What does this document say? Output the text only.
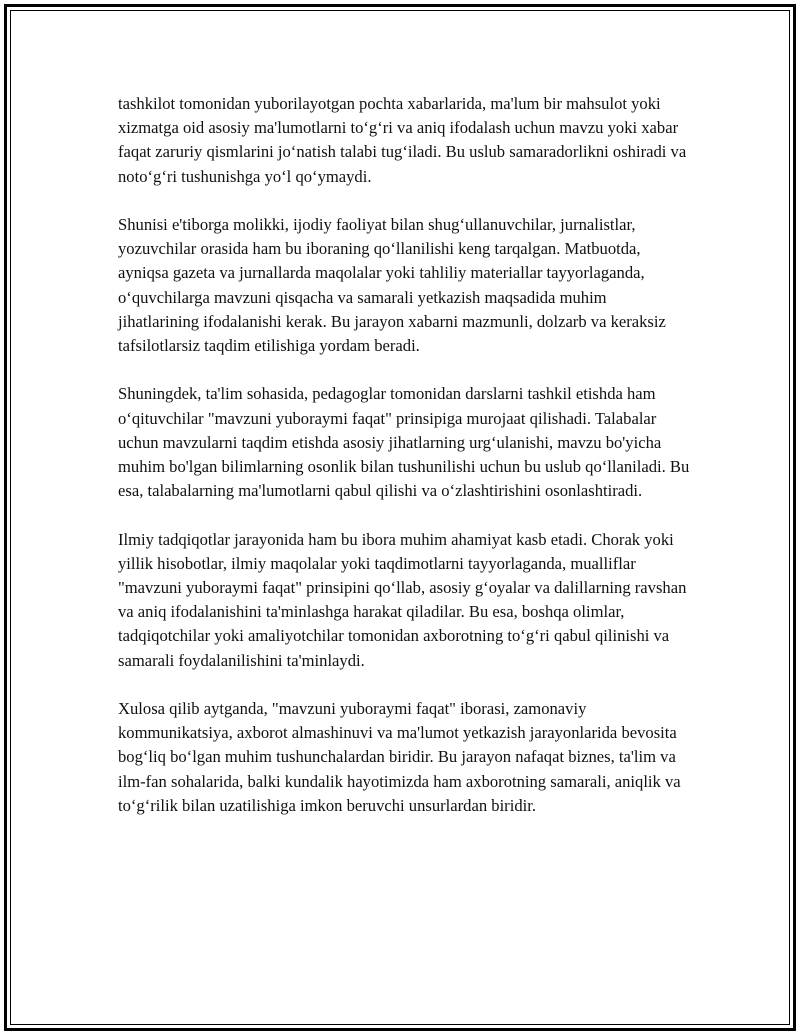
tashkilot tomonidan yuborilayotgan pochta xabarlarida, ma'lum bir mahsulot yoki xizmatga oid asosiy ma'lumotlarni to‘g‘ri va aniq ifodalash uchun mavzu yoki xabar faqat zaruriy qismlarini jo‘natish talabi tug‘iladi. Bu uslub samaradorlikni oshiradi va noto‘g‘ri tushunishga yo‘l qo‘ymaydi.

Shunisi e'tiborga molikki, ijodiy faoliyat bilan shug‘ullanuvchilar, jurnalistlar, yozuvchilar orasida ham bu iboraning qo‘llanilishi keng tarqalgan. Matbuotda, ayniqsa gazeta va jurnallarda maqolalar yoki tahliliy materiallar tayyorlaganda, o‘quvchilarga mavzuni qisqacha va samarali yetkazish maqsadida muhim jihatlarining ifodalanishi kerak. Bu jarayon xabarni mazmunli, dolzarb va keraksiz tafsilotlarsiz taqdim etilishiga yordam beradi.

Shuningdek, ta'lim sohasida, pedagoglar tomonidan darslarni tashkil etishda ham o‘qituvchilar "mavzuni yuboraymi faqat" prinsipiga murojaat qilishadi. Talabalar uchun mavzularni taqdim etishda asosiy jihatlarning urg‘ulanishi, mavzu bo'yicha muhim bo'lgan bilimlarning osonlik bilan tushunilishi uchun bu uslub qo‘llaniladi. Bu esa, talabalarning ma'lumotlarni qabul qilishi va o‘zlashtirishini osonlashtiradi.

Ilmiy tadqiqotlar jarayonida ham bu ibora muhim ahamiyat kasb etadi. Chorak yoki yillik hisobotlar, ilmiy maqolalar yoki taqdimotlarni tayyorlaganda, mualliflar "mavzuni yuboraymi faqat" prinsipini qo‘llab, asosiy g‘oyalar va dalillarning ravshan va aniq ifodalanishini ta'minlashga harakat qiladilar. Bu esa, boshqa olimlar, tadqiqotchilar yoki amaliyotchilar tomonidan axborotning to‘g‘ri qabul qilinishi va samarali foydalanilishini ta'minlaydi.

Xulosa qilib aytganda, "mavzuni yuboraymi faqat" iborasi, zamonaviy kommunikatsiya, axborot almashinuvi va ma'lumot yetkazish jarayonlarida bevosita bog‘liq bo‘lgan muhim tushunchalardan biridir. Bu jarayon nafaqat biznes, ta'lim va ilm-fan sohalarida, balki kundalik hayotimizda ham axborotning samarali, aniqlik va to‘g‘rilik bilan uzatilishiga imkon beruvchi unsurlardan biridir.
